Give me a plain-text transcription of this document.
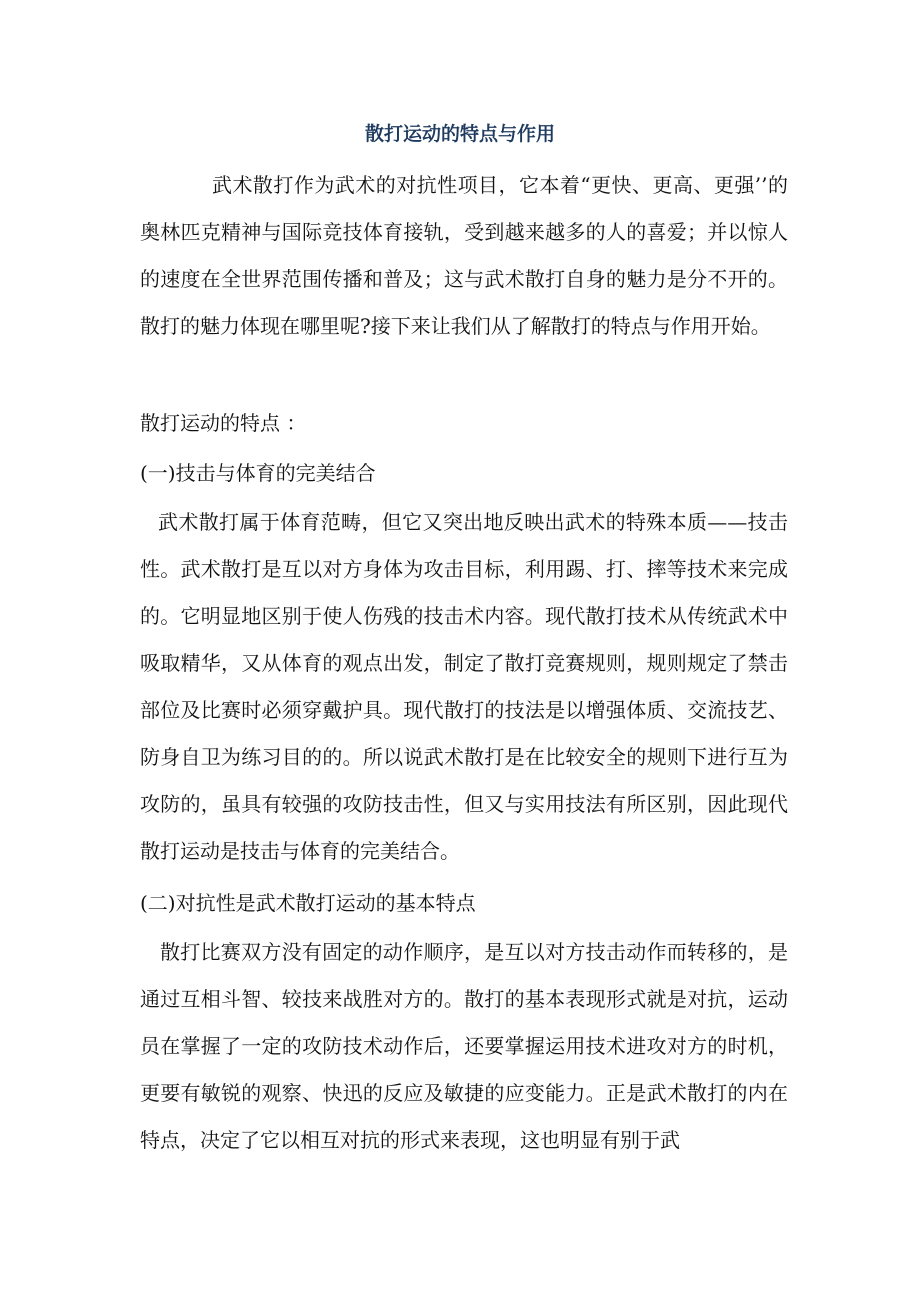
散打运动的特点与作用

武术散打作为武术的对抗性项目，它本着“更快、更高、更强’’的奥林匹克精神与国际竞技体育接轨，受到越来越多的人的喜爱；并以惊人的速度在全世界范围传播和普及；这与武术散打自身的魅力是分不开的。散打的魅力体现在哪里呢?接下来让我们从了解散打的特点与作用开始。

散打运动的特点 ：
(一)技击与体育的完美结合

武术散打属于体育范畴，但它又突出地反映出武术的特殊本质——技击性。武术散打是互以对方身体为攻击目标，利用踢、打、摔等技术来完成的。它明显地区别于使人伤残的技击术内容。现代散打技术从传统武术中吸取精华，又从体育的观点出发，制定了散打竞赛规则，规则规定了禁击部位及比赛时必须穿戴护具。现代散打的技法是以增强体质、交流技艺、防身自卫为练习目的的。所以说武术散打是在比较安全的规则下进行互为攻防的，虽具有较强的攻防技击性，但又与实用技法有所区别，因此现代散打运动是技击与体育的完美结合。

(二)对抗性是武术散打运动的基本特点

散打比赛双方没有固定的动作顺序，是互以对方技击动作而转移的，是通过互相斗智、较技来战胜对方的。散打的基本表现形式就是对抗，运动员在掌握了一定的攻防技术动作后，还要掌握运用技术进攻对方的时机，更要有敏锐的观察、快迅的反应及敏捷的应变能力。正是武术散打的内在特点，决定了它以相互对抗的形式来表现，这也明显有别于武
